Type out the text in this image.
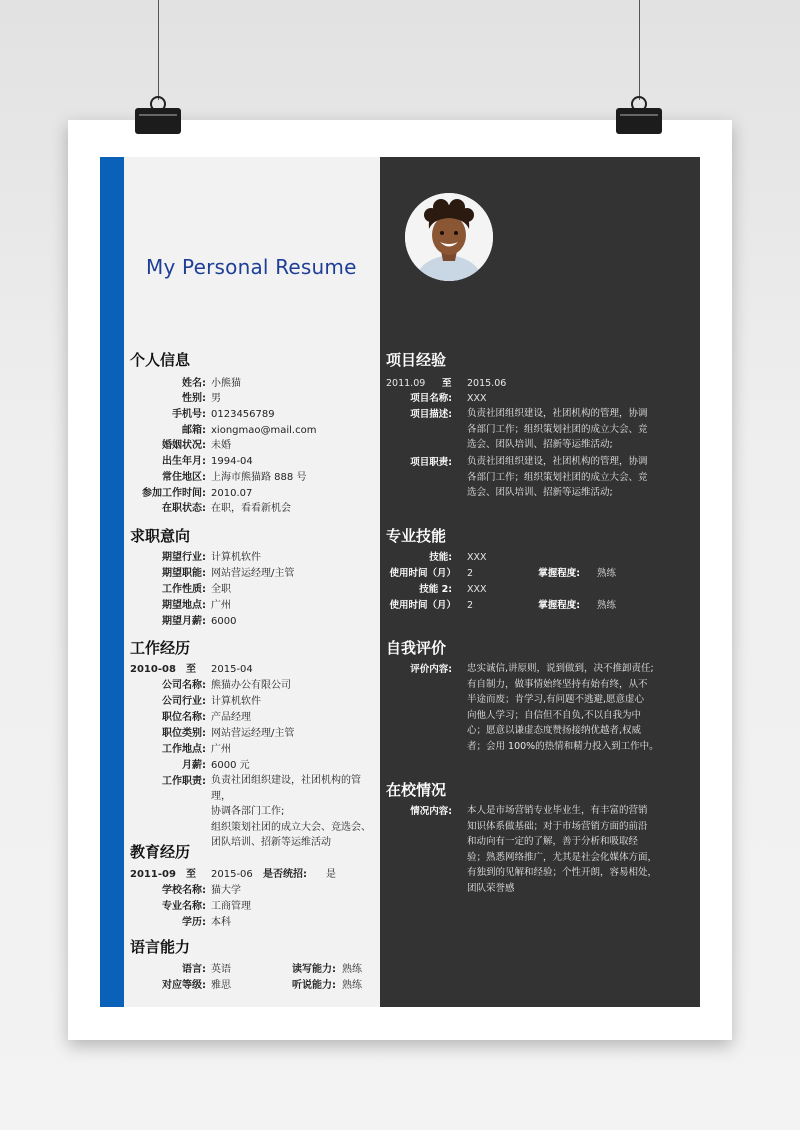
My Personal Resume
个人信息
姓名: 小熊猫
性别: 男
手机号: 0123456789
邮箱: xiongmao@mail.com
婚姻状况: 未婚
出生年月: 1994-04
常住地区: 上海市熊猫路 888 号
参加工作时间: 2010.07
在职状态: 在职，看看新机会
求职意向
期望行业: 计算机软件
期望职能: 网站营运经理/主管
工作性质: 全职
期望地点: 广州
期望月薪: 6000
工作经历
2010-08 至 2015-04
公司名称: 熊猫办公有限公司
公司行业: 计算机软件
职位名称: 产品经理
职位类别: 网站营运经理/主管
工作地点: 广州
月薪: 6000 元
工作职责: 负责社团组织建设，社团机构的管理，
协调各部门工作;
组织策划社团的成立大会、竞选会、
团队培训、招新等运维活动
教育经历
2011-09 至 2015-06 是否统招: 是
学校名称: 猫大学
专业名称: 工商管理
学历: 本科
语言能力
语言: 英语	读写能力: 熟练
对应等级: 雅思	听说能力: 熟练
项目经验
2011.09 至 2015.06
项目名称: XXX
项目描述: 负责社团组织建设，社团机构的管理，协调
各部门工作；组织策划社团的成立大会、竞
选会、团队培训、招新等运维活动;
项目职责: 负责社团组织建设，社团机构的管理，协调
各部门工作；组织策划社团的成立大会、竞
选会、团队培训、招新等运维活动;
专业技能
技能: XXX
使用时间（月） 2	掌握程度: 熟练
技能 2: XXX
使用时间（月） 2	掌握程度: 熟练
自我评价
评价内容: 忠实诚信,讲原则，说到做到，决不推卸责任;
有自制力，做事情始终坚持有始有终，从不
半途而废；肯学习,有问题不逃避,愿意虚心
向他人学习；自信但不自负,不以自我为中
心；愿意以谦虚态度赞扬接纳优越者,权威
者；会用 100%的热情和精力投入到工作中。
在校情况
情况内容: 本人是市场营销专业毕业生，有丰富的营销
知识体系做基础；对于市场营销方面的前沿
和动向有一定的了解，善于分析和吸取经
验；熟悉网络推广，尤其是社会化媒体方面，
有独到的见解和经验；个性开朗，容易相处，
团队荣誉感
